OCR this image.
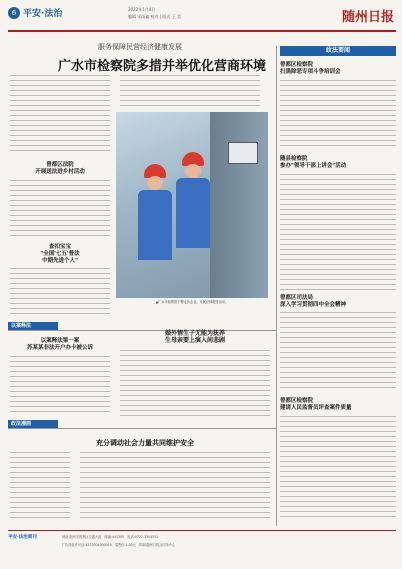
6 平安·法治	2022年1月4日
编辑 宋雨鑫 校对 | 版式 王 美	随州日报
服务保障民营经济健康发展
广水市检察院多措并举优化营商环境
曾都区法院
开展送法进乡村活动
查扣宝宝
"全国'七五'普法
中期先进个人"
▲广水市检察院干警走访企业，开展法律服务活动。
以案释法
以案释法第一案
苏某某非法开户办卡被公诉
婚外情生子无能为抚养
生母亲要上演入间悲剧
政法漫画
充分调动社会力量共同维护安全
政法要闻
曾都区检察院
扫黑除恶专项斗争培训会
随县检察院
参办"领导干部上讲会"活动
曾都区司法局
深入学习贯彻四中全会精神
曾都区检察院
建请人民监督员评查案件质量
平安·法治周刊	地址:随州市曾都区交通大道　邮编:441300　电话:0722-3304311
广告经营许可证:4213004000015　零售价:1.00元　印刷:随州日报社印务中心
